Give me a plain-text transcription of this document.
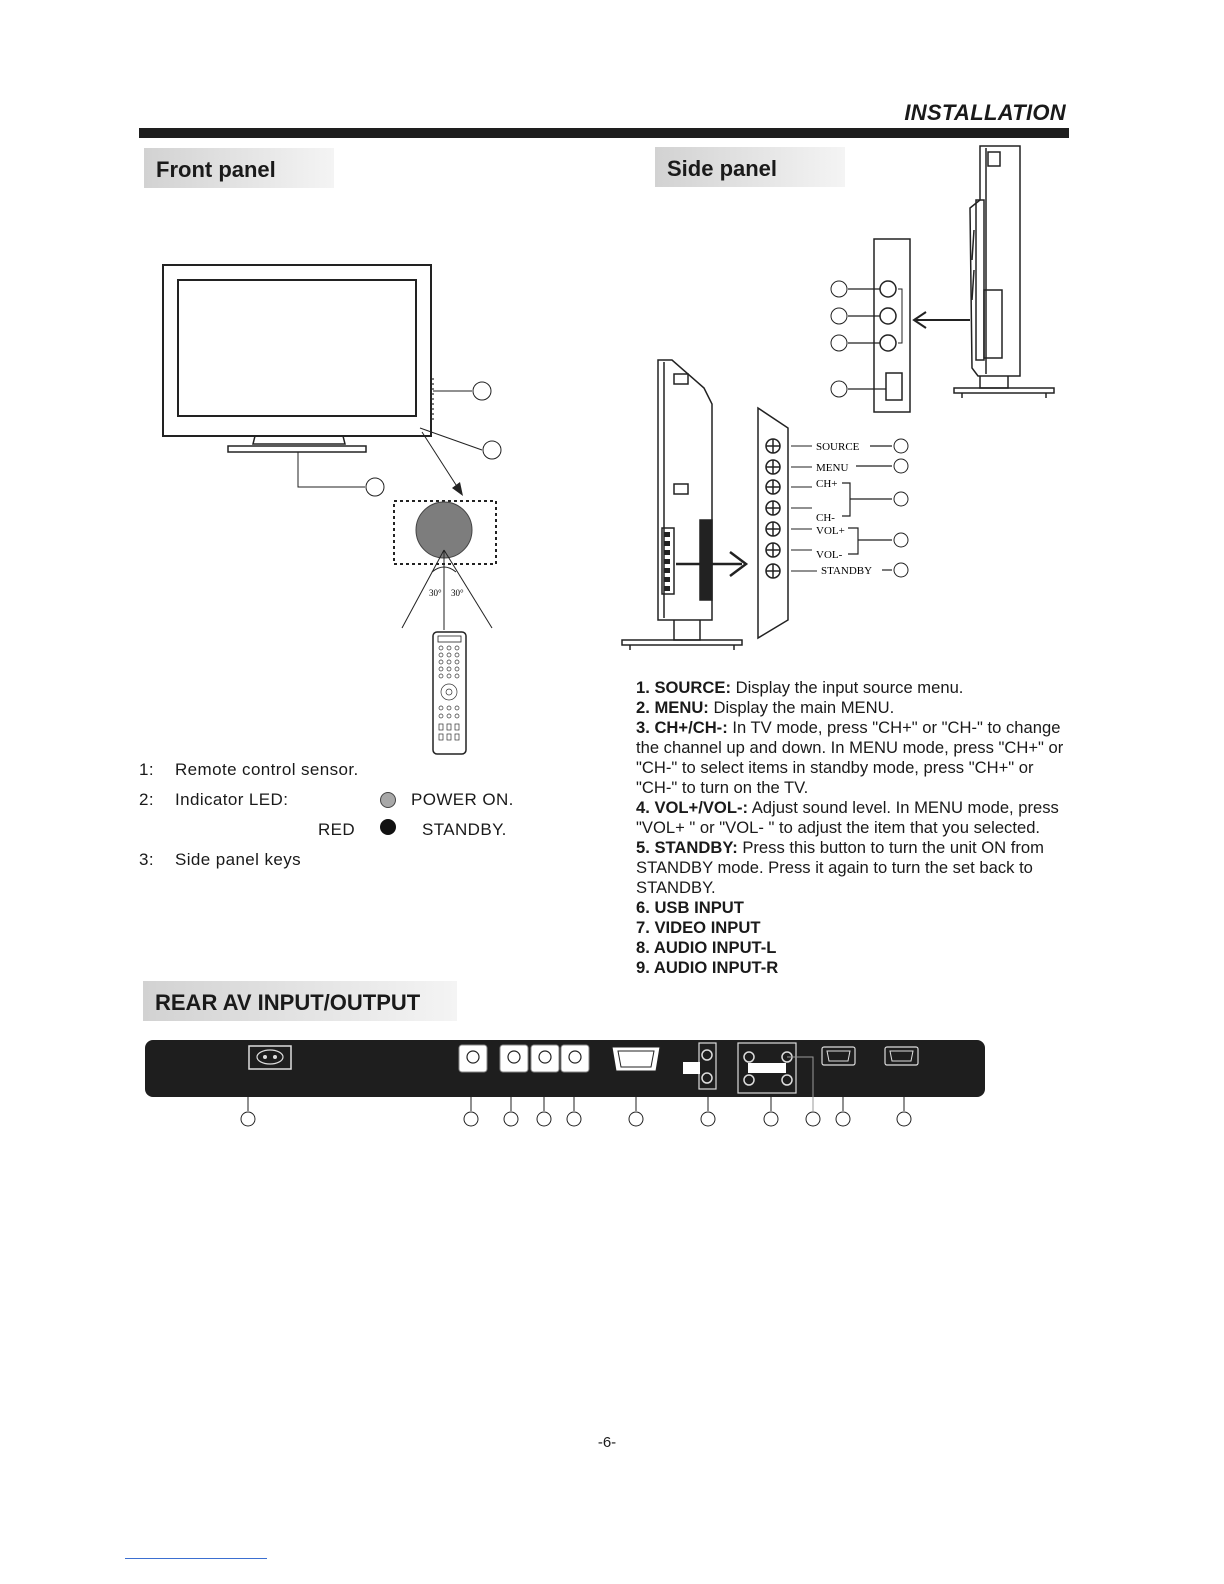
INSTALLATION
Front panel	Side panel
REAR AV INPUT/OUTPUT
30° 30°
1: Remote control sensor.
2: Indicator LED:	POWER ON.
RED	STANDBY.
3: Side panel keys
SOURCE
MENU
CH+
CH-
VOL+
VOL-
STANDBY

1. SOURCE: Display the input source menu.

2. MENU: Display the main MENU.

3. CH+/CH-: In TV mode, press "CH+" or "CH-" to change the channel up and down. In MENU mode, press "CH+" or "CH-" to select items in standby mode, press "CH+" or "CH-" to turn on the TV.

4. VOL+/VOL-: Adjust sound level. In MENU mode, press "VOL+ " or "VOL- " to adjust the item that you selected.

5. STANDBY: Press this button to turn the unit ON from STANDBY mode. Press it again to turn the set back to STANDBY.

6. USB INPUT

7. VIDEO INPUT

8. AUDIO INPUT-L

9. AUDIO INPUT-R

-6-
